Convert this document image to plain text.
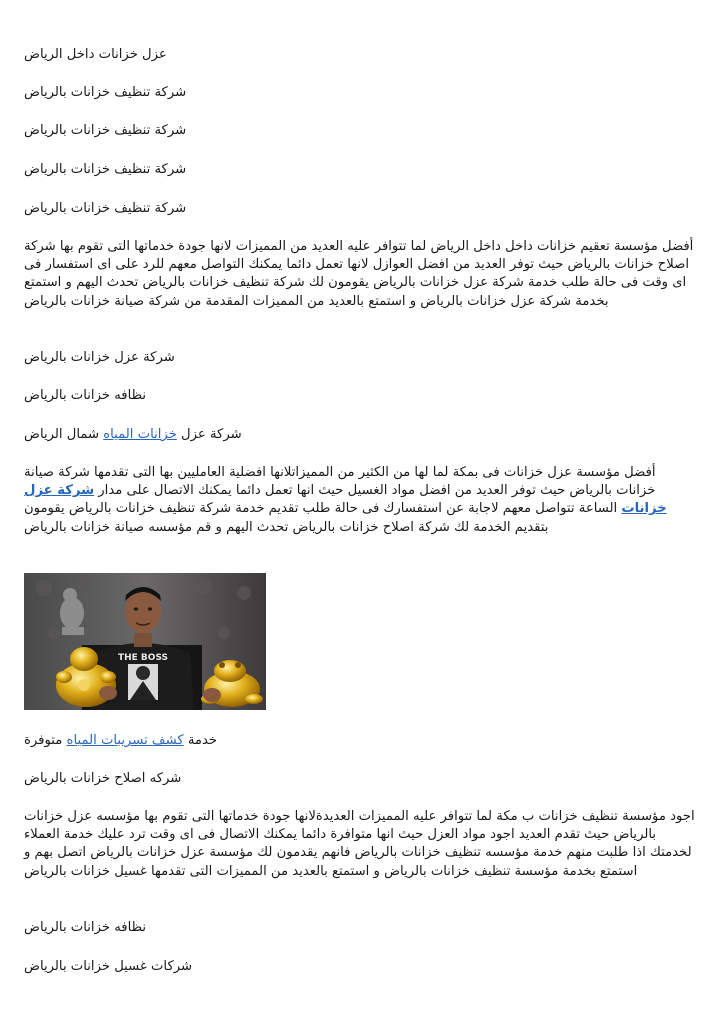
عزل خزانات داخل الرياض

شركة تنظيف خزانات بالرياض

شركة تنظيف خزانات بالرياض

شركة تنظيف خزانات بالرياض

شركة تنظيف خزانات بالرياض

أفضل مؤسسة تعقيم خزانات داخل داخل الرياض لما تتوافر عليه العديد من المميزات لانها جودة خدماتها التى تقوم بها شركة اصلاح خزانات بالرياض حيث توفر العديد من افضل العوازل لانها تعمل دائما يمكنك التواصل معهم للرد على اى استفسار فى اى وقت فى حالة طلب خدمة شركة عزل خزانات بالرياض يقومون لك شركة تنظيف خزانات بالرياض تحدث اليهم و استمتع بخدمة شركة عزل خزانات بالرياض و استمتع بالعديد من المميزات المقدمة من شركة صيانة خزانات بالرياض

شركة عزل خزانات بالرياض

نظافه خزانات بالرياض

شركة عزل خزانات المياه شمال الرياض

أفضل مؤسسة عزل خزانات فى بمكة لما لها من الكثير من المميزاتلانها افضلية العامليين بها التى تقدمها شركة صيانة خزانات بالرياض حيث توفر العديد من افضل مواد الغسيل حيث انها تعمل دائما يمكنك الاتصال على مدار شركة عزل خزانات الساعة تتواصل معهم لاجابة عن استفسارك فى حالة طلب تقديم خدمة شركة تنظيف خزانات بالرياض يقومون بتقديم الخدمة لك شركة اصلاح خزانات بالرياض تحدث اليهم و قم مؤسسه صيانة خزانات بالرياض

THE BOSS

خدمة كشف تسريبات المياه متوفرة

شركه اصلاح خزانات بالرياض

اجود مؤسسة تنظيف خزانات ب مكة لما تتوافر عليه المميزات العديدةلانها جودة خدماتها التى تقوم بها مؤسسه عزل خزانات بالرياض حيث تقدم العديد اجود مواد العزل حيث انها متوافرة دائما يمكنك الاتصال فى اى وقت ترد عليك خدمة العملاء لخدمتك اذا طلبت منهم خدمة مؤسسه تنظيف خزانات بالرياض فانهم يقدمون لك مؤسسة عزل خزانات بالرياض اتصل بهم و استمتع بخدمة مؤسسة تنظيف خزانات بالرياض و استمتع بالعديد من المميزات التى تقدمها غسيل خزانات بالرياض

نظافه خزانات بالرياض

شركات غسيل خزانات بالرياض
